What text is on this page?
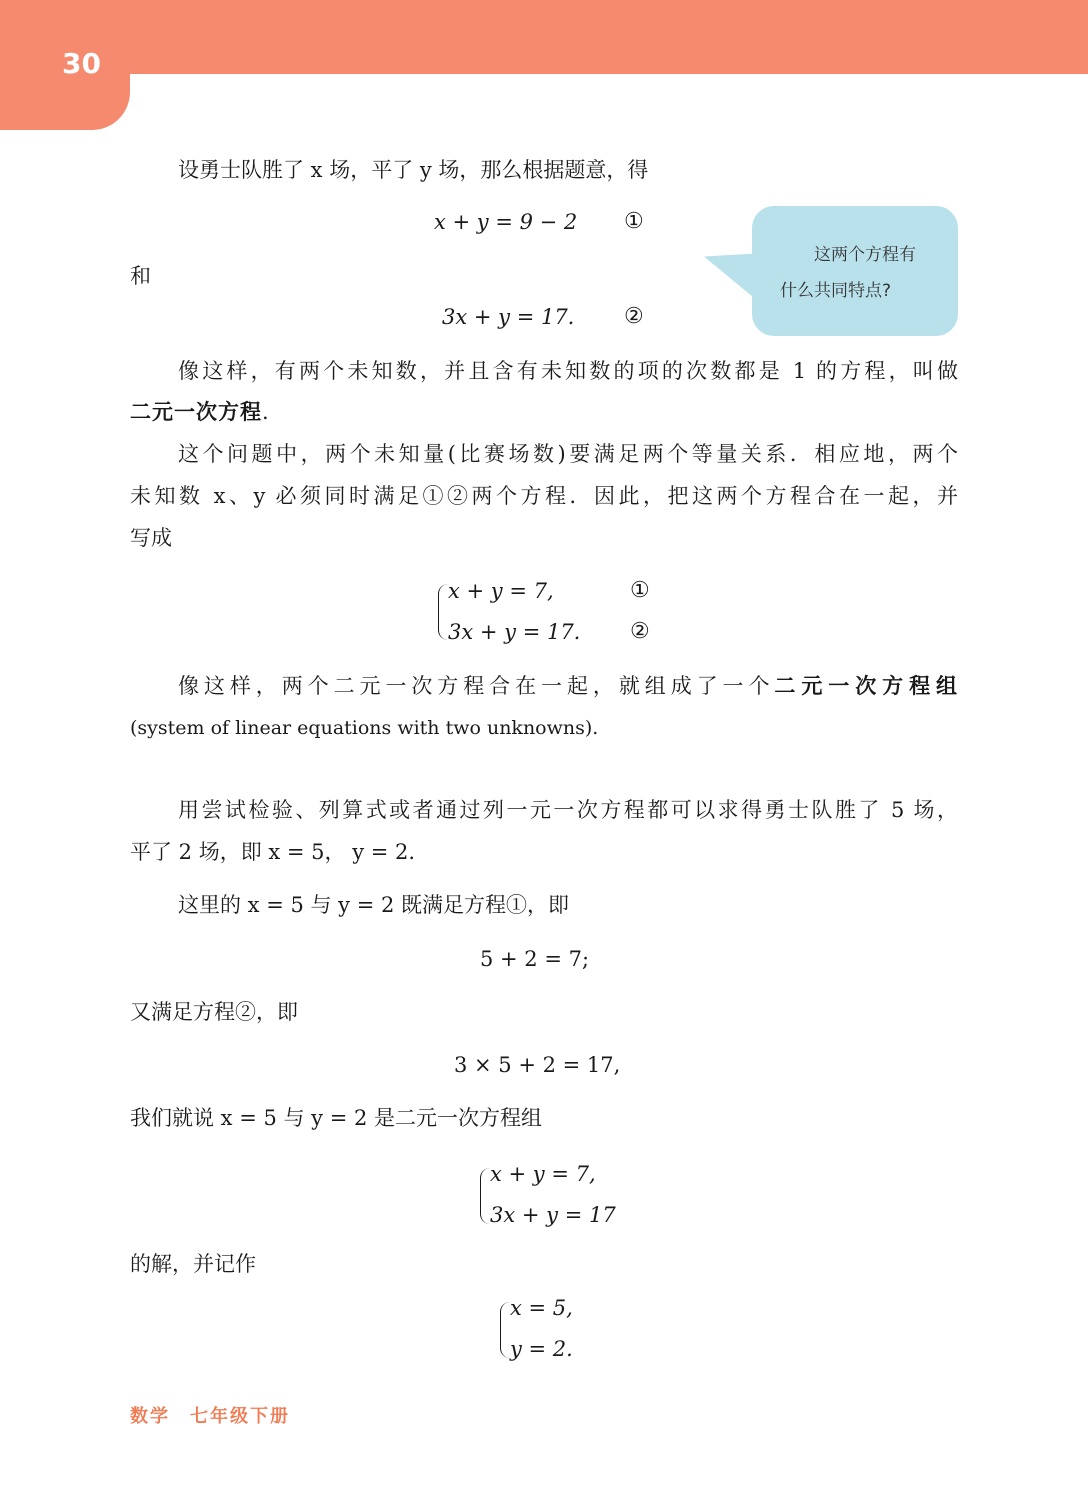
30
这两个方程有
什么共同特点?
设勇士队胜了 x 场，平了 y 场，那么根据题意，得
x + y = 9 − 2 ①
和
3x + y = 17. ②
像这样，有两个未知数，并且含有未知数的项的次数都是 1 的方程，叫做
二元一次方程.
这个问题中，两个未知量(比赛场数)要满足两个等量关系．相应地，两个
未知数 x、y 必须同时满足①②两个方程．因此，把这两个方程合在一起，并
写成
x + y = 7,	①
3x + y = 17. ②
像这样，两个二元一次方程合在一起，就组成了一个二元一次方程组
(system of linear equations with two unknowns).
用尝试检验、列算式或者通过列一元一次方程都可以求得勇士队胜了 5 场，
平了 2 场，即 x = 5， y = 2.
这里的 x = 5 与 y = 2 既满足方程①，即
5 + 2 = 7;
又满足方程②，即
3 × 5 + 2 = 17,
我们就说 x = 5 与 y = 2 是二元一次方程组
x + y = 7,
3x + y = 17
的解，并记作
x = 5,
y = 2.
数学　七年级下册
